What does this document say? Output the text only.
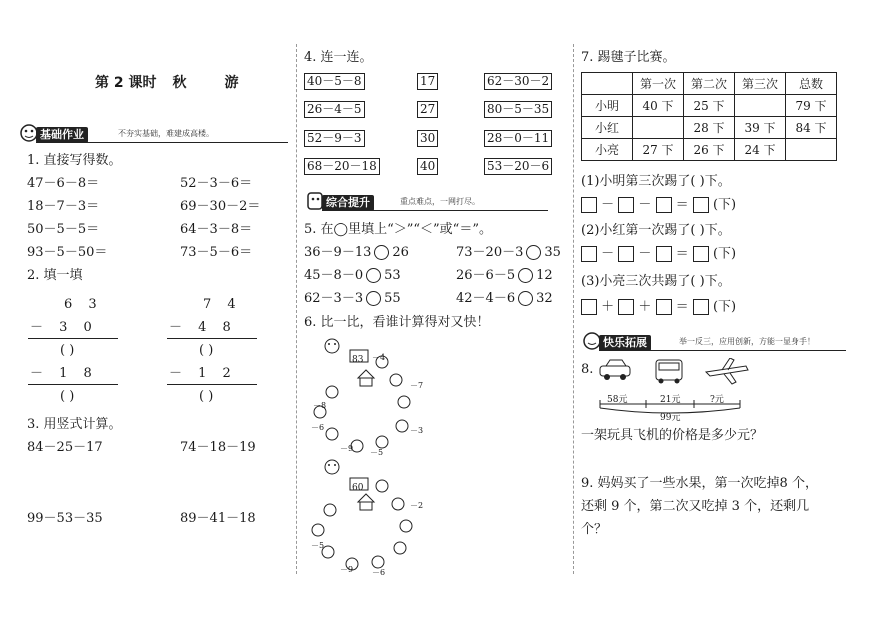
第 2 课时 秋	游
基础作业	不夯实基础，难建成高楼。
1. 直接写得数。
47－6－8＝	52－3－6＝
18－7－3＝	69－30－2＝
50－5－5＝	64－3－8＝
93－5－50＝	73－5－6＝
2. 填一填
6 3
－ 3 0
( )
－ 1 8
( )
7 4
－ 4 8
( )
－ 1 2
( )
3. 用竖式计算。
84－25－17	74－18－19
99－53－35	89－41－18
4. 连一连。
40－5－8
26－4－5
52－9－3
68－20－18
17
27
30
40
62－30－2
80－5－35
28－0－11
53－20－6
综合提升	重点难点，一网打尽。
5. 在◯里填上“＞”“＜”或“＝”。
36－9－13 26	73－20－3 35
45－8－0 53	26－6－5 12
62－3－3 55	42－4－6 32
6. 比一比，看谁计算得对又快！
83 －4
－7
－3
－5
－9
－6
－8
60
－2
－5
－9 －6
7. 踢毽子比赛。
	第一次	第二次	第三次	总数
小明	40 下	25 下		79 下
小红		28 下	39 下	84 下
小亮	27 下	26 下	24 下	
(1)小明第三次踢了( )下。
－  －  ＝  (下)
(2)小红第一次踢了( )下。
－  －  ＝  (下)
(3)小亮三次共踢了( )下。
＋  ＋  ＝  (下)
快乐拓展	举一反三，应用创新，方能一显身手！
8.
58元	21元	?元
99元
一架玩具飞机的价格是多少元？
9. 妈妈买了一些水果，第一次吃掉8 个，
还剩 9 个，第二次又吃掉 3 个，还剩几
个？
